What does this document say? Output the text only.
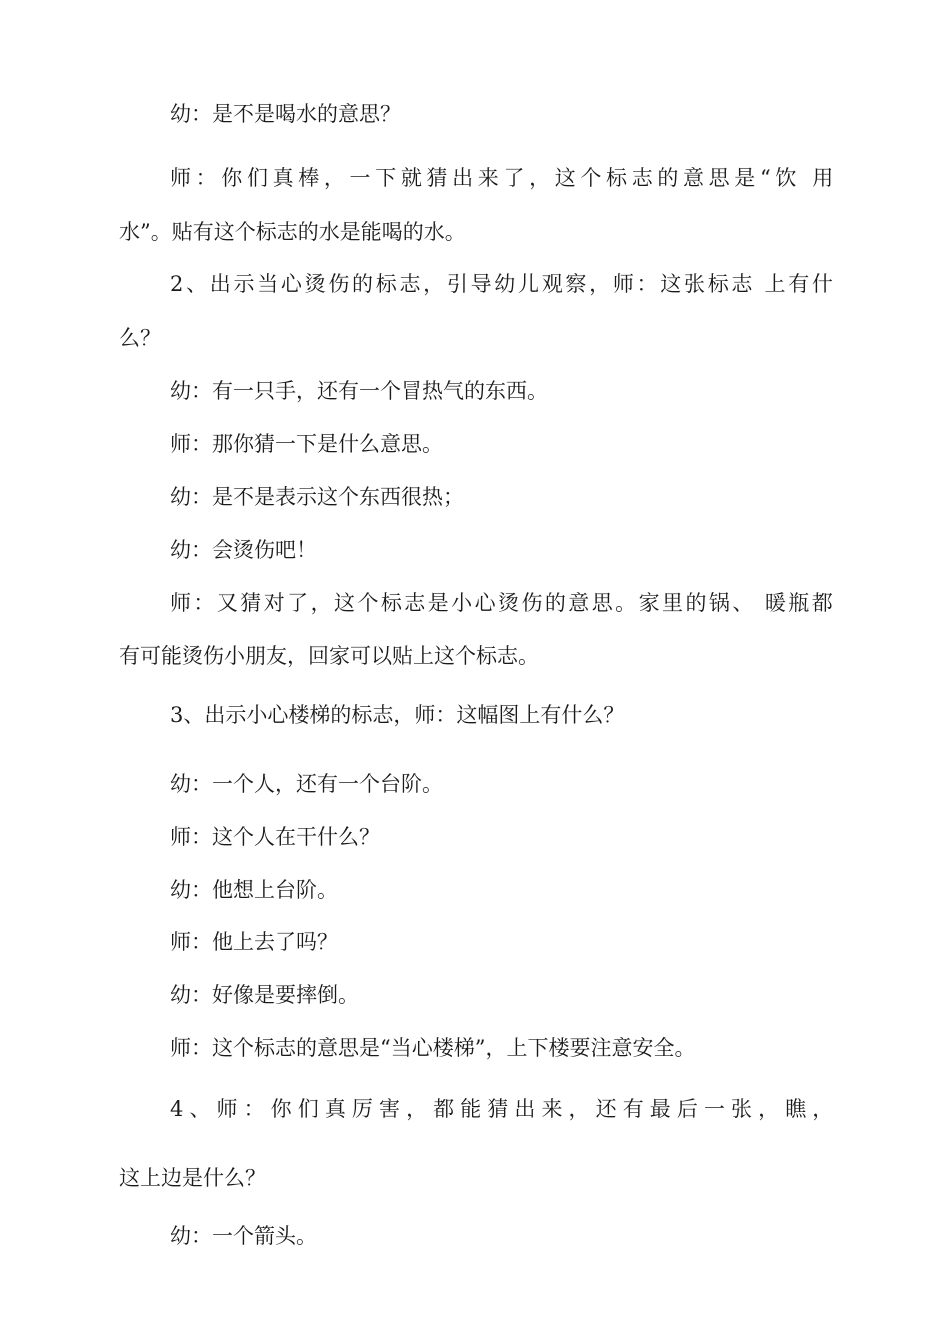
幼：是不是喝水的意思？
师：你们真棒，一下就猜出来了，这个标志的意思是“饮 用
水”。贴有这个标志的水是能喝的水。
2、出示当心烫伤的标志，引导幼儿观察，师：这张标志 上有什
么？
幼：有一只手，还有一个冒热气的东西。
师：那你猜一下是什么意思。
幼：是不是表示这个东西很热；
幼：会烫伤吧！
师：又猜对了，这个标志是小心烫伤的意思。家里的锅、 暖瓶都
有可能烫伤小朋友，回家可以贴上这个标志。
3、出示小心楼梯的标志，师：这幅图上有什么？
幼：一个人，还有一个台阶。
师：这个人在干什么？
幼：他想上台阶。
师：他上去了吗？
幼：好像是要摔倒。
师：这个标志的意思是“当心楼梯”，上下楼要注意安全。
4、师：你们真厉害，都能猜出来，还有最后一张，瞧，
这上边是什么？
幼：一个箭头。
